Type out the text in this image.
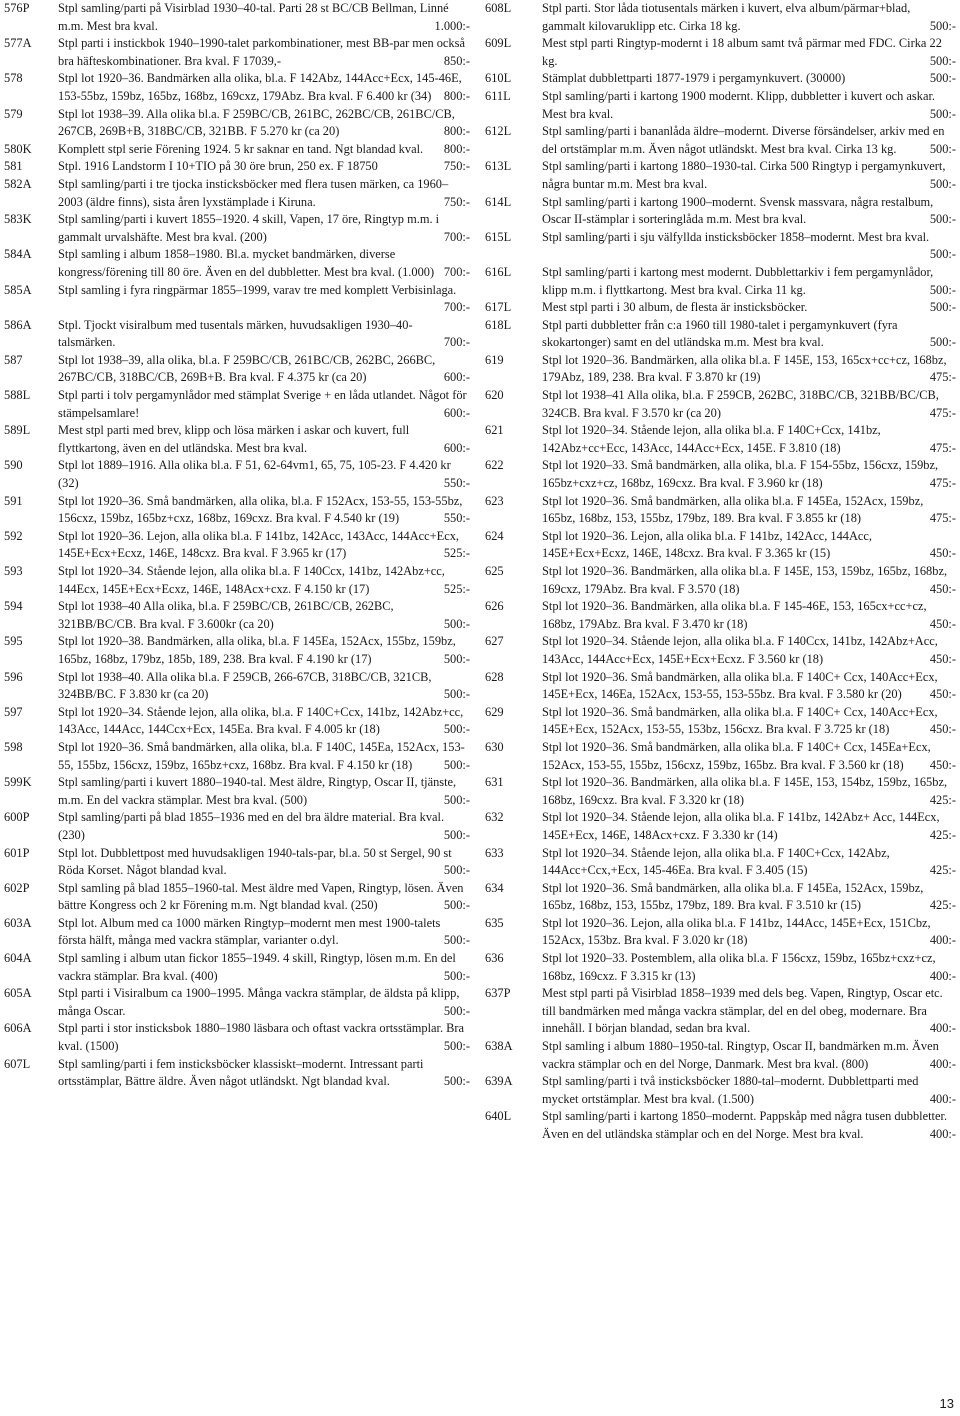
576P	Stpl samling/parti på Visirblad 1930–40-tal. Parti 28 st BC/CB Bellman, Linné m.m. Mest bra kval.	1.000:-
577A	Stpl parti i instickbok 1940–1990-talet parkombinationer, mest BB-par men också bra häfteskombinationer. Bra kval. F 17039,-	850:-
578	Stpl lot 1920–36. Bandmärken alla olika, bl.a. F 142Abz, 144Acc+Ecx, 145-46E, 153-55bz, 159bz, 165bz, 168bz, 169cxz, 179Abz. Bra kval. F 6.400 kr (34) 800:-
579	Stpl lot 1938–39. Alla olika bl.a. F 259BC/CB, 261BC, 262BC/CB, 261BC/CB, 267CB, 269B+B, 318BC/CB, 321BB. F 5.270 kr (ca 20)	800:-
580K	Komplett stpl serie Förening 1924. 5 kr saknar en tand. Ngt blandad kval. 800:-
581	Stpl. 1916 Landstorm I 10+TIO på 30 öre brun, 250 ex. F 18750	750:-
582A	Stpl samling/parti i tre tjocka insticksböcker med flera tusen märken, ca 1960–2003 (äldre finns), sista åren lyxstämplade i Kiruna.	750:-
583K	Stpl samling/parti i kuvert 1855–1920. 4 skill, Vapen, 17 öre, Ringtyp m.m. i gammalt urvalshäfte. Mest bra kval. (200)	700:-
584A	Stpl samling i album 1858–1980. Bl.a. mycket bandmärken, diverse kongress/förening till 80 öre. Även en del dubbletter. Mest bra kval. (1.000) 700:-
585A	Stpl samling i fyra ringpärmar 1855–1999, varav tre med komplett Verbisinlaga.
700:-
586A	Stpl. Tjockt visiralbum med tusentals märken, huvudsakligen 1930–40-talsmärken.	700:-
587	Stpl lot 1938–39, alla olika, bl.a. F 259BC/CB, 261BC/CB, 262BC, 266BC, 267BC/CB, 318BC/CB, 269B+B. Bra kval. F 4.375 kr (ca 20)	600:-
588L	Stpl parti i tolv pergamynlådor med stämplat Sverige + en låda utlandet. Något för stämpelsamlare!	600:-
589L	Mest stpl parti med brev, klipp och lösa märken i askar och kuvert, full flyttkartong, även en del utländska. Mest bra kval.	600:-
590	Stpl lot 1889–1916. Alla olika bl.a. F 51, 62-64vm1, 65, 75, 105-23. F 4.420 kr (32)	550:-
591	Stpl lot 1920–36. Små bandmärken, alla olika, bl.a. F 152Acx, 153-55, 153-55bz, 156cxz, 159bz, 165bz+cxz, 168bz, 169cxz. Bra kval. F 4.540 kr (19)	550:-
592	Stpl lot 1920–36. Lejon, alla olika bl.a. F 141bz, 142Acc, 143Acc, 144Acc+Ecx, 145E+Ecx+Ecxz, 146E, 148cxz. Bra kval. F 3.965 kr (17)	525:-
593	Stpl lot 1920–34. Stående lejon, alla olika bl.a. F 140Ccx, 141bz, 142Abz+cc, 144Ecx, 145E+Ecx+Ecxz, 146E, 148Acx+cxz. F 4.150 kr (17)	525:-
594	Stpl lot 1938–40 Alla olika, bl.a. F 259BC/CB, 261BC/CB, 262BC, 321BB/BC/CB. Bra kval. F 3.600kr (ca 20)	500:-
595	Stpl lot 1920–38. Bandmärken, alla olika, bl.a. F 145Ea, 152Acx, 155bz, 159bz, 165bz, 168bz, 179bz, 185b, 189, 238. Bra kval. F 4.190 kr (17)	500:-
596	Stpl lot 1938–40. Alla olika bl.a. F 259CB, 266-67CB, 318BC/CB, 321CB, 324BB/BC. F 3.830 kr (ca 20)	500:-
597	Stpl lot 1920–34. Stående lejon, alla olika, bl.a. F 140C+Ccx, 141bz, 142Abz+cc, 143Acc, 144Acc, 144Ccx+Ecx, 145Ea. Bra kval. F 4.005 kr (18)	500:-
598	Stpl lot 1920–36. Små bandmärken, alla olika, bl.a. F 140C, 145Ea, 152Acx, 153-55, 155bz, 156cxz, 159bz, 165bz+cxz, 168bz. Bra kval. F 4.150 kr (18)	500:-
599K	Stpl samling/parti i kuvert 1880–1940-tal. Mest äldre, Ringtyp, Oscar II, tjänste, m.m. En del vackra stämplar. Mest bra kval. (500)	500:-
600P	Stpl samling/parti på blad 1855–1936 med en del bra äldre material. Bra kval. (230)	500:-
601P	Stpl lot. Dubblettpost med huvudsakligen 1940-tals-par, bl.a. 50 st Sergel, 90 st Röda Korset. Något blandad kval.	500:-
602P	Stpl samling på blad 1855–1960-tal. Mest äldre med Vapen, Ringtyp, lösen. Även bättre Kongress och 2 kr Förening m.m. Ngt blandad kval. (250)	500:-
603A	Stpl lot. Album med ca 1000 märken Ringtyp–modernt men mest 1900-talets första hälft, många med vackra stämplar, varianter o.dyl.	500:-
604A	Stpl samling i album utan fickor 1855–1949. 4 skill, Ringtyp, lösen m.m. En del vackra stämplar. Bra kval. (400)	500:-
605A	Stpl parti i Visiralbum ca 1900–1995. Många vackra stämplar, de äldsta på klipp, många Oscar.	500:-
606A	Stpl parti i stor insticksbok 1880–1980 läsbara och oftast vackra ortsstämplar. Bra kval. (1500)	500:-
607L	Stpl samling/parti i fem insticksböcker klassiskt–modernt. Intressant parti ortsstämplar, Bättre äldre. Även något utländskt. Ngt blandad kval.	500:-
608L	Stpl parti. Stor låda tiotusentals märken i kuvert, elva album/pärmar+blad, gammalt kilovaruklipp etc. Cirka 18 kg.	500:-
609L	Mest stpl parti Ringtyp-modernt i 18 album samt två pärmar med FDC. Cirka 22 kg.	500:-
610L	Stämplat dubblettparti 1877-1979 i pergamynkuvert. (30000)	500:-
611L	Stpl samling/parti i kartong 1900 modernt. Klipp, dubbletter i kuvert och askar. Mest bra kval.	500:-
612L	Stpl samling/parti i bananlåda äldre–modernt. Diverse försändelser, arkiv med en del ortstämplar m.m. Även något utländskt. Mest bra kval. Cirka 13 kg.	500:-
613L	Stpl samling/parti i kartong 1880–1930-tal. Cirka 500 Ringtyp i pergamynkuvert, några buntar m.m. Mest bra kval.	500:-
614L	Stpl samling/parti i kartong 1900–modernt. Svensk massvara, några restalbum, Oscar II-stämplar i sorteringlåda m.m. Mest bra kval.	500:-
615L	Stpl samling/parti i sju välfyllda insticksböcker 1858–modernt. Mest bra kval.
500:-
616L	Stpl samling/parti i kartong mest modernt. Dubblettarkiv i fem pergamynlådor, klipp m.m. i flyttkartong. Mest bra kval. Cirka 11 kg.	500:-
617L	Mest stpl parti i 30 album, de flesta är insticksböcker.	500:-
618L	Stpl parti dubbletter från c:a 1960 till 1980-talet i pergamynkuvert (fyra skokartonger) samt en del utländska m.m. Mest bra kval.	500:-
619	Stpl lot 1920–36. Bandmärken, alla olika bl.a. F 145E, 153, 165cx+cc+cz, 168bz, 179Abz, 189, 238. Bra kval. F 3.870 kr (19)	475:-
620	Stpl lot 1938–41 Alla olika, bl.a. F 259CB, 262BC, 318BC/CB, 321BB/BC/CB, 324CB. Bra kval. F 3.570 kr (ca 20)	475:-
621	Stpl lot 1920–34. Stående lejon, alla olika bl.a. F 140C+Ccx, 141bz, 142Abz+cc+Ecc, 143Acc, 144Acc+Ecx, 145E. F 3.810 (18)	475:-
622	Stpl lot 1920–33. Små bandmärken, alla olika, bl.a. F 154-55bz, 156cxz, 159bz, 165bz+cxz+cz, 168bz, 169cxz. Bra kval. F 3.960 kr (18)	475:-
623	Stpl lot 1920–36. Små bandmärken, alla olika bl.a. F 145Ea, 152Acx, 159bz, 165bz, 168bz, 153, 155bz, 179bz, 189. Bra kval. F 3.855 kr (18)	475:-
624	Stpl lot 1920–36. Lejon, alla olika bl.a. F 141bz, 142Acc, 144Acc, 145E+Ecx+Ecxz, 146E, 148cxz. Bra kval. F 3.365 kr (15)	450:-
625	Stpl lot 1920–36. Bandmärken, alla olika bl.a. F 145E, 153, 159bz, 165bz, 168bz, 169cxz, 179Abz. Bra kval. F 3.570 (18)	450:-
626	Stpl lot 1920–36. Bandmärken, alla olika bl.a. F 145-46E, 153, 165cx+cc+cz, 168bz, 179Abz. Bra kval. F 3.470 kr (18)	450:-
627	Stpl lot 1920–34. Stående lejon, alla olika bl.a. F 140Ccx, 141bz, 142Abz+Acc, 143Acc, 144Acc+Ecx, 145E+Ecx+Ecxz. F 3.560 kr (18)	450:-
628	Stpl lot 1920–36. Små bandmärken, alla olika bl.a. F 140C+ Ccx, 140Acc+Ecx, 145E+Ecx, 146Ea, 152Acx, 153-55, 153-55bz. Bra kval. F 3.580 kr (20) 450:-
629	Stpl lot 1920–36. Små bandmärken, alla olika bl.a. F 140C+ Ccx, 140Acc+Ecx, 145E+Ecx, 152Acx, 153-55, 153bz, 156cxz. Bra kval. F 3.725 kr (18)	450:-
630	Stpl lot 1920–36. Små bandmärken, alla olika bl.a. F 140C+ Ccx, 145Ea+Ecx, 152Acx, 153-55, 155bz, 156cxz, 159bz, 165bz. Bra kval. F 3.560 kr (18) 450:-
631	Stpl lot 1920–36. Bandmärken, alla olika bl.a. F 145E, 153, 154bz, 159bz, 165bz, 168bz, 169cxz. Bra kval. F 3.320 kr (18)	425:-
632	Stpl lot 1920–34. Stående lejon, alla olika bl.a. F 141bz, 142Abz+ Acc, 144Ecx, 145E+Ecx, 146E, 148Acx+cxz. F 3.330 kr (14)	425:-
633	Stpl lot 1920–34. Stående lejon, alla olika bl.a. F 140C+Ccx, 142Abz, 144Acc+Ccx,+Ecx, 145-46Ea. Bra kval. F 3.405 (15)	425:-
634	Stpl lot 1920–36. Små bandmärken, alla olika bl.a. F 145Ea, 152Acx, 159bz, 165bz, 168bz, 153, 155bz, 179bz, 189. Bra kval. F 3.510 kr (15)	425:-
635	Stpl lot 1920–36. Lejon, alla olika bl.a. F 141bz, 144Acc, 145E+Ecx, 151Cbz, 152Acx, 153bz. Bra kval. F 3.020 kr (18)	400:-
636	Stpl lot 1920–33. Postemblem, alla olika bl.a. F 156cxz, 159bz, 165bz+cxz+cz, 168bz, 169cxz. F 3.315 kr (13)	400:-
637P	Mest stpl parti på Visirblad 1858–1939 med dels beg. Vapen, Ringtyp, Oscar etc. till bandmärken med många vackra stämplar, del en del obeg, modernare. Bra innehåll. I början blandad, sedan bra kval.	400:-
638A	Stpl samling i album 1880–1950-tal. Ringtyp, Oscar II, bandmärken m.m. Även vackra stämplar och en del Norge, Danmark. Mest bra kval. (800)	400:-
639A	Stpl samling/parti i två insticksböcker 1880-tal–modernt. Dubblettparti med mycket ortstämplar. Mest bra kval. (1.500)	400:-
640L	Stpl samling/parti i kartong 1850–modernt. Pappskåp med några tusen dubbletter. Även en del utländska stämplar och en del Norge. Mest bra kval.	400:-
13
